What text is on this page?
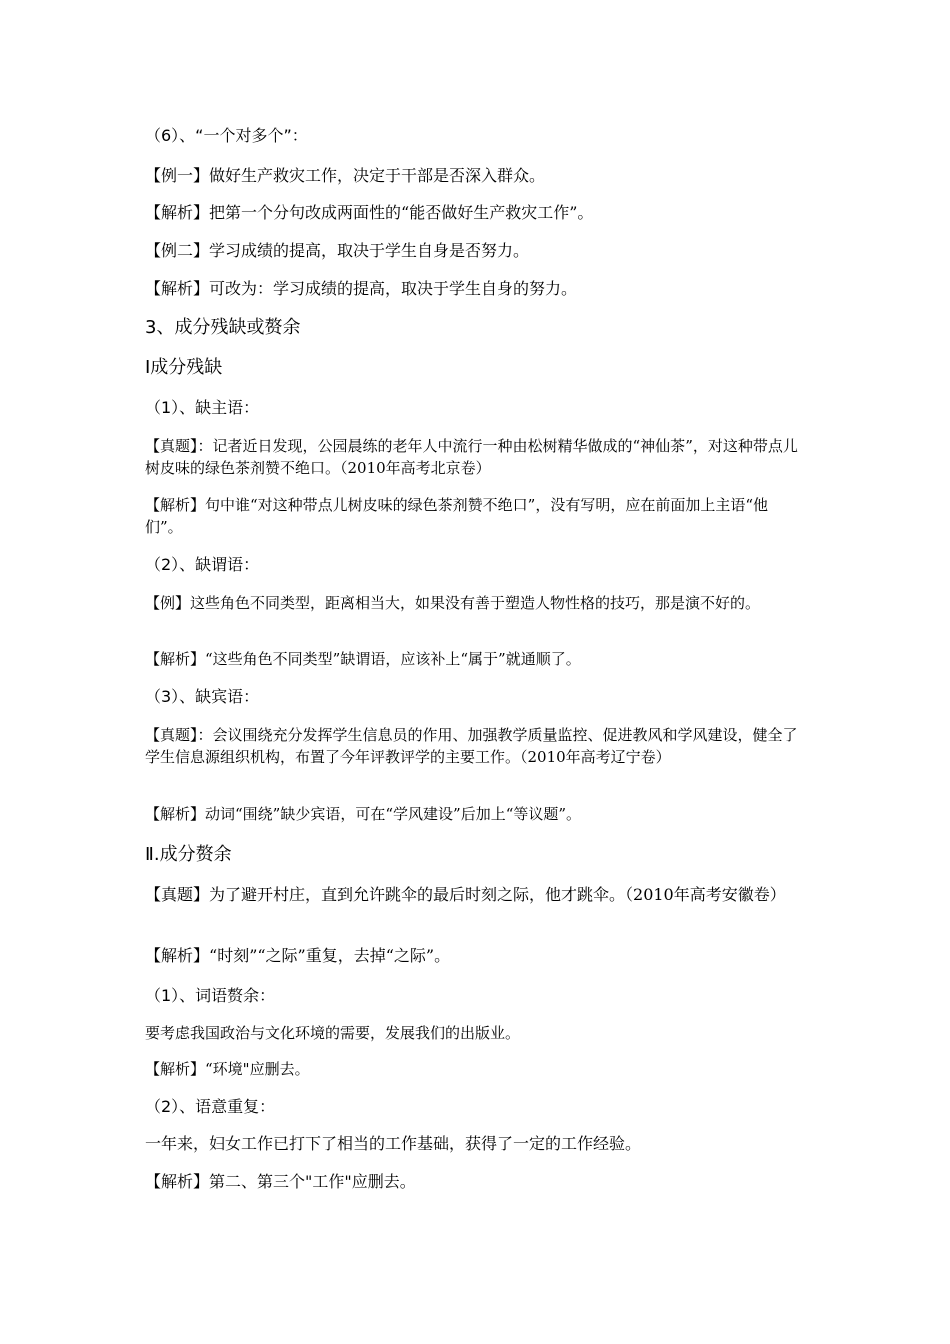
（6）、“一个对多个”：

【例一】做好生产救灾工作，决定于干部是否深入群众。

【解析】把第一个分句改成两面性的“能否做好生产救灾工作”。

【例二】学习成绩的提高，取决于学生自身是否努力。

【解析】可改为：学习成绩的提高，取决于学生自身的努力。

3、成分残缺或赘余

Ⅰ成分残缺

（1）、缺主语：

【真题】：记者近日发现，公园晨练的老年人中流行一种由松树精华做成的“神仙茶”，对这种带点儿树皮味的绿色茶剂赞不绝口。（2010年高考北京卷）

【解析】句中谁“对这种带点儿树皮味的绿色茶剂赞不绝口”，没有写明，应在前面加上主语“他们”。

（2）、缺谓语：

【例】这些角色不同类型，距离相当大，如果没有善于塑造人物性格的技巧，那是演不好的。

【解析】“这些角色不同类型”缺谓语，应该补上“属于”就通顺了。

（3）、缺宾语：

【真题】：会议围绕充分发挥学生信息员的作用、加强教学质量监控、促进教风和学风建设，健全了学生信息源组织机构，布置了今年评教评学的主要工作。（2010年高考辽宁卷）

【解析】动词“围绕”缺少宾语，可在“学风建设”后加上“等议题”。

Ⅱ.成分赘余

【真题】为了避开村庄，直到允许跳伞的最后时刻之际，他才跳伞。（2010年高考安徽卷）

【解析】“时刻”“之际”重复，去掉“之际”。

（1）、词语赘余：

要考虑我国政治与文化环境的需要，发展我们的出版业。

【解析】“环境"应删去。

（2）、语意重复：

一年来，妇女工作已打下了相当的工作基础，获得了一定的工作经验。

【解析】第二、第三个"工作"应删去。
